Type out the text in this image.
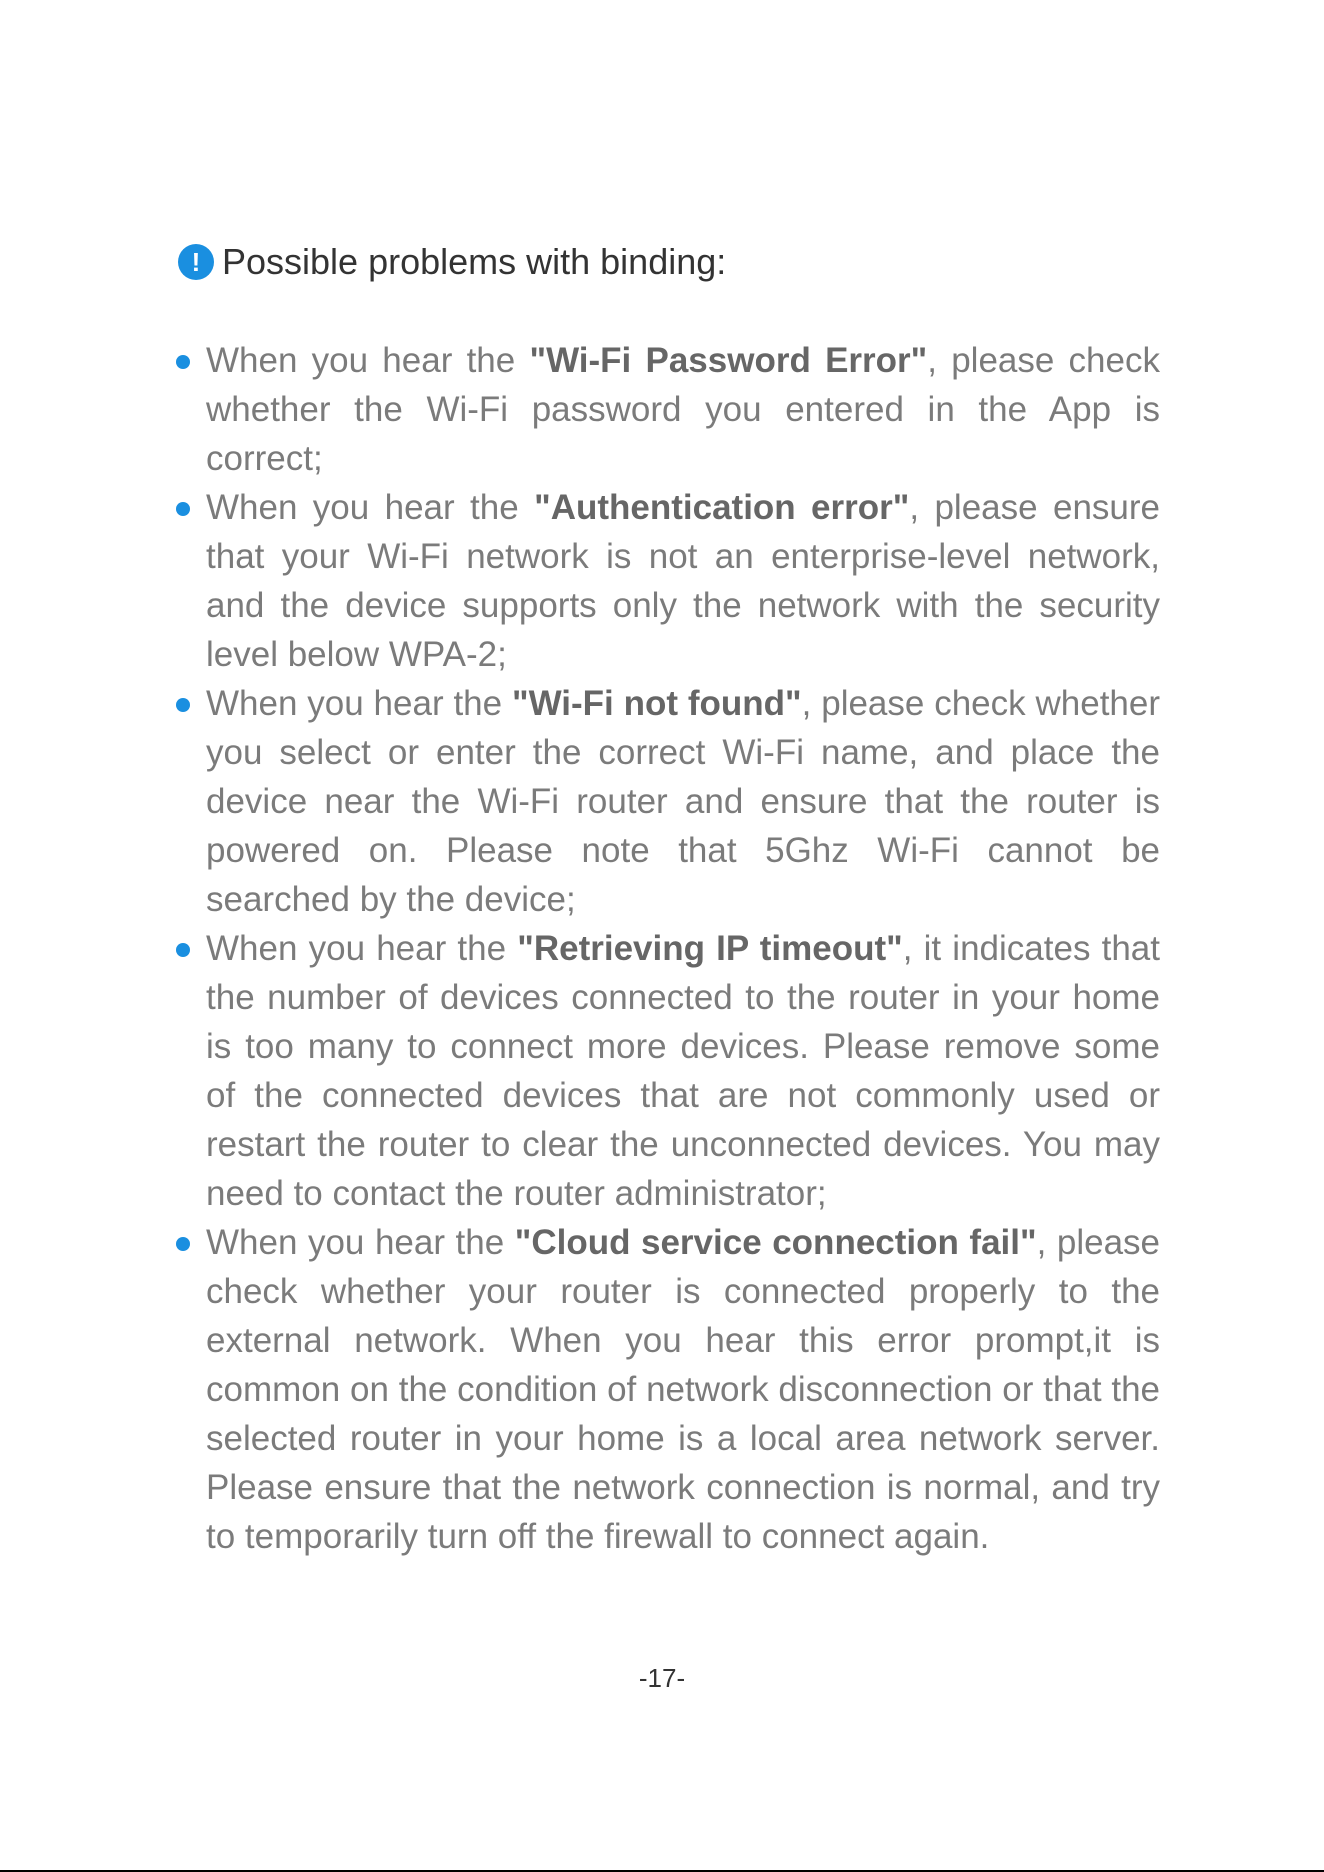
! Possible problems with binding:
When you hear the "Wi-Fi Password Error", please check whether the Wi-Fi password you entered in the App is correct;
When you hear the "Authentication error", please ensure that your Wi-Fi network is not an enterprise-level network, and the device supports only the network with the security level below WPA-2;
When you hear the "Wi-Fi not found", please check whether you select or enter the correct Wi-Fi name, and place the device near the Wi-Fi router and ensure that the router is powered on. Please note that 5Ghz Wi-Fi cannot be searched by the device;
When you hear the "Retrieving IP timeout", it indicates that the number of devices connected to the router in your home is too many to connect more devices. Please remove some of the connected devices that are not commonly used or restart the router to clear the unconnected devices. You may need to contact the router administrator;
When you hear the "Cloud service connection fail", please check whether your router is connected properly to the external network. When you hear this error prompt,it is common on the condition of network disconnection or that the selected router in your home is a local area network server. Please ensure that the network connection is normal, and try to temporarily turn off the firewall to connect again.
-17-
